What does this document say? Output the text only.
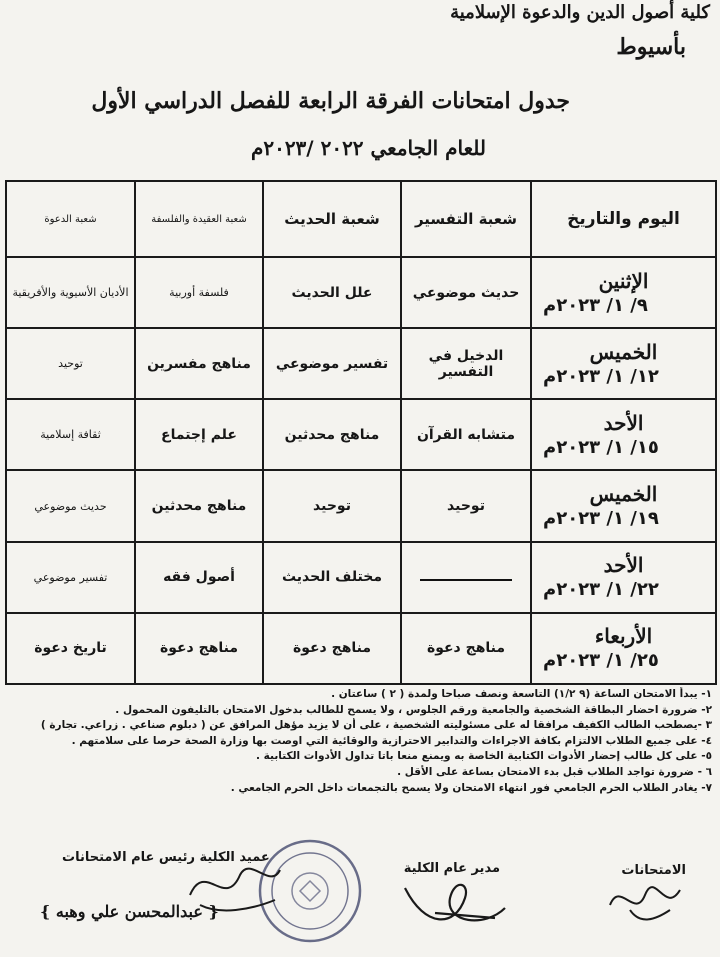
كلية أصول الدين والدعوة الإسلامية
بأسيوط
جدول امتحانات الفرقة الرابعة للفصل الدراسي الأول
للعام الجامعي ٢٠٢٢ /٢٠٢٣م
اليوم والتاريخ	شعبة التفسير	شعبة الحديث	شعبة العقيدة والفلسفة	شعبة الدعوة

الإثنين
٩/ ١/ ٢٠٢٣م	حديث موضوعي	علل الحديث	فلسفة أوربية	الأديان الأسيوية والأفريقية

الخميس
١٢/ ١/ ٢٠٢٣م	الدخيل في التفسير	تفسير موضوعي	مناهج مفسرين	توحيد

الأحد
١٥/ ١/ ٢٠٢٣م	متشابه القرآن	مناهج محدثين	علم إجتماع	ثقافة إسلامية

الخميس
١٩/ ١/ ٢٠٢٣م	توحيد	توحيد	مناهج محدثين	حديث موضوعي

الأحد
٢٢/ ١/ ٢٠٢٣م		مختلف الحديث	أصول فقه	تفسير موضوعي

الأربعاء
٢٥/ ١/ ٢٠٢٣م	مناهج دعوة	مناهج دعوة	مناهج دعوة	تاريخ دعوة
١- يبدأ الامتحان الساعة (٩ ١/٢) التاسعة ونصف صباحا ولمدة ( ٢ ) ساعتان .
٢- ضرورة احضار البطاقة الشخصية والجامعية ورقم الجلوس ، ولا يسمح للطالب بدخول الامتحان بالتليفون المحمول .
٣ -يصطحب الطالب الكفيف مرافقا له على مسئوليته الشخصية ، على أن لا يزيد مؤهل المرافق عن ( دبلوم صناعي . زراعي. تجارة )
٤- على جميع الطلاب الالتزام بكافة الاجراءات والتدابير الاحترازية والوقائية التي اوصت بها وزارة الصحة حرصا على سلامتهم .
٥- على كل طالب إحضار الأدوات الكتابية الخاصة به ويمنع منعا باتا تداول الأدوات الكتابية .
٦ - ضرورة تواجد الطلاب قبل بدء الامتحان بساعة على الأقل .
٧- يغادر الطلاب الحرم الجامعي فور انتهاء الامتحان ولا يسمح بالتجمعات داخل الحرم الجامعي .
الامتحانات
مدير عام الكلية
عميد الكلية رئيس عام الامتحانات
{ عبدالمحسن علي وهبه }
